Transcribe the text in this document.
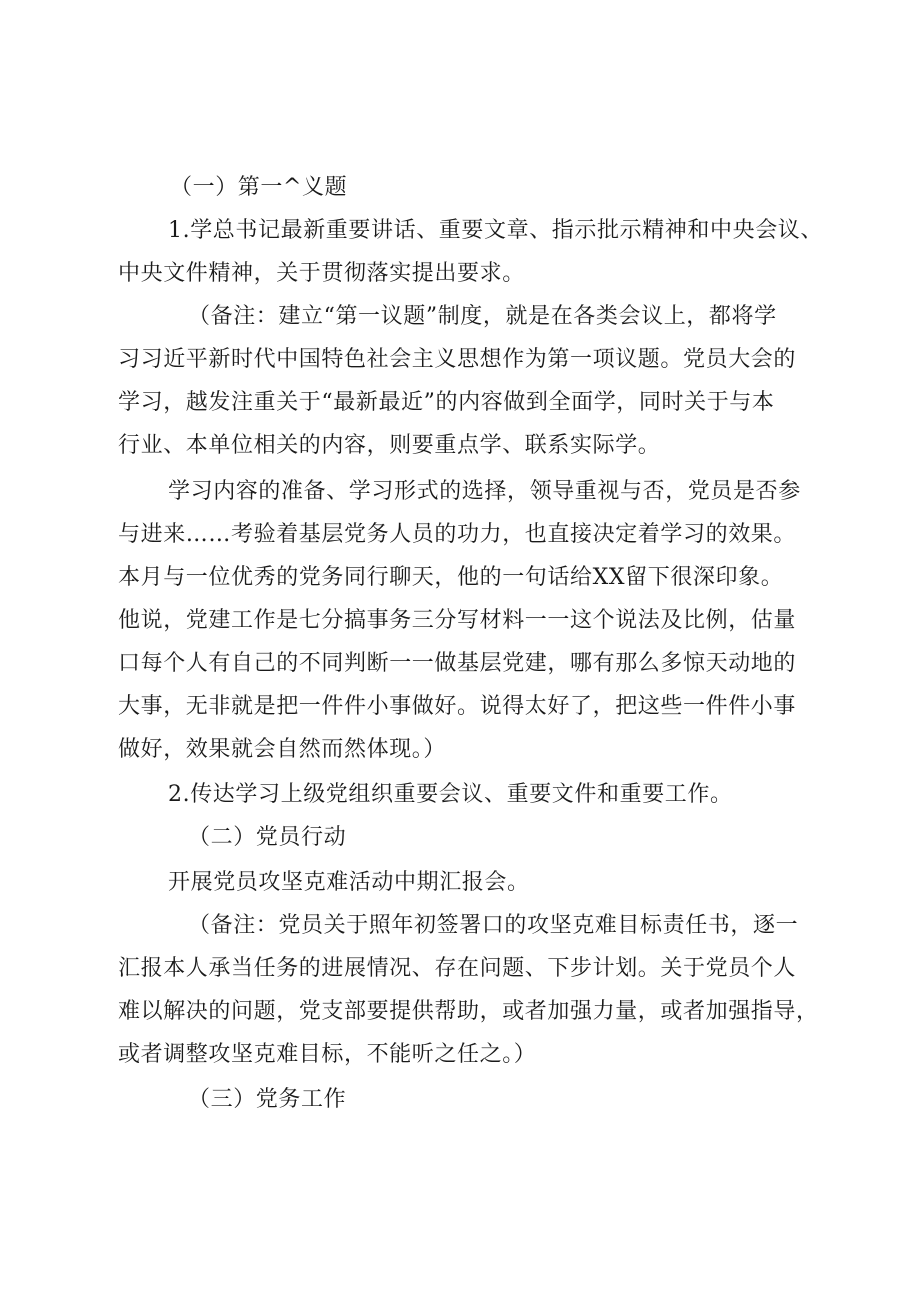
（一）第一^义题
1.学总书记最新重要讲话、重要文章、指示批示精神和中央会议、
中央文件精神，关于贯彻落实提出要求。
（备注：建立“第一议题”制度，就是在各类会议上，都将学
习习近平新时代中国特色社会主义思想作为第一项议题。党员大会的
学习，越发注重关于“最新最近”的内容做到全面学，同时关于与本
行业、本单位相关的内容，则要重点学、联系实际学。
学习内容的准备、学习形式的选择，领导重视与否，党员是否参
与进来……考验着基层党务人员的功力，也直接决定着学习的效果。
本月与一位优秀的党务同行聊天，他的一句话给XX留下很深印象。
他说，党建工作是七分搞事务三分写材料一一这个说法及比例，估量
口每个人有自己的不同判断一一做基层党建，哪有那么多惊天动地的
大事，无非就是把一件件小事做好。说得太好了，把这些一件件小事
做好，效果就会自然而然体现。）
2.传达学习上级党组织重要会议、重要文件和重要工作。
（二）党员行动
开展党员攻坚克难活动中期汇报会。
（备注：党员关于照年初签署口的攻坚克难目标责任书，逐一
汇报本人承当任务的进展情况、存在问题、下步计划。关于党员个人
难以解决的问题，党支部要提供帮助，或者加强力量，或者加强指导，
或者调整攻坚克难目标，不能听之任之。）
（三）党务工作
